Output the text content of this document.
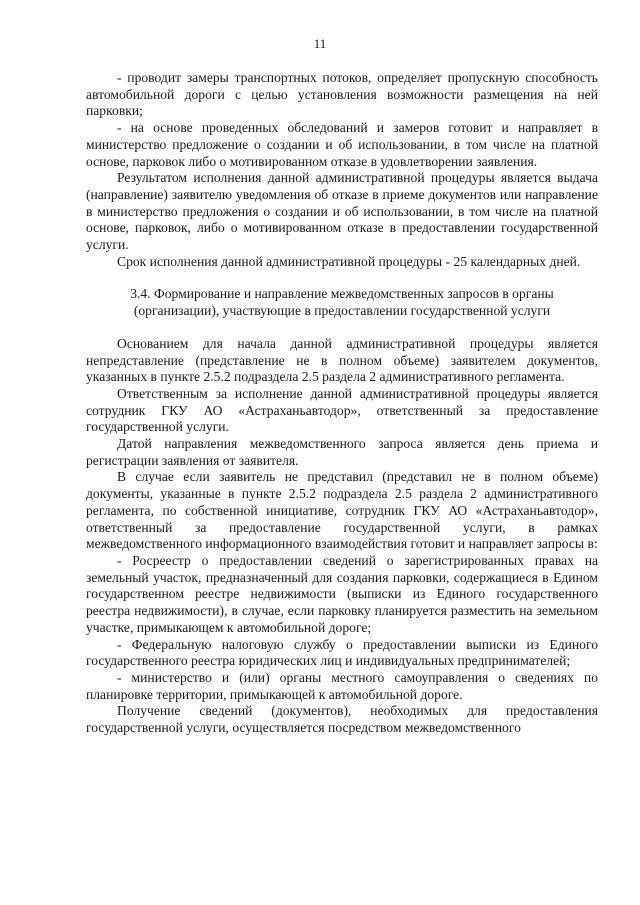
11

- проводит замеры транспортных потоков, определяет пропускную способность автомобильной дороги с целью установления возможности размещения на ней парковки;

- на основе проведенных обследований и замеров готовит и направляет в министерство предложение о создании и об использовании, в том числе на платной основе, парковок либо о мотивированном отказе в удовлетворении заявления.

Результатом исполнения данной административной процедуры является выдача (направление) заявителю уведомления об отказе в приеме документов или направление в министерство предложения о создании и об использовании, в том числе на платной основе, парковок, либо о мотивированном отказе в предоставлении государственной услуги.

Срок исполнения данной административной процедуры - 25 календарных дней.

3.4. Формирование и направление межведомственных запросов в органы (организации), участвующие в предоставлении государственной услуги

Основанием для начала данной административной процедуры является непредставление (представление не в полном объеме) заявителем документов, указанных в пункте 2.5.2 подраздела 2.5 раздела 2 административного регламента.

Ответственным за исполнение данной административной процедуры является сотрудник ГКУ АО «Астраханьавтодор», ответственный за предоставление государственной услуги.

Датой направления межведомственного запроса является день приема и регистрации заявления от заявителя.

В случае если заявитель не представил (представил не в полном объеме) документы, указанные в пункте 2.5.2 подраздела 2.5 раздела 2 административного регламента, по собственной инициативе, сотрудник ГКУ АО «Астраханьавтодор», ответственный за предоставление государственной услуги, в рамках межведомственного информационного взаимодействия готовит и направляет запросы в:

- Росреестр о предоставлении сведений о зарегистрированных правах на земельный участок, предназначенный для создания парковки, содержащиеся в Едином государственном реестре недвижимости (выписки из Единого государственного реестра недвижимости), в случае, если парковку планируется разместить на земельном участке, примыкающем к автомобильной дороге;

- Федеральную налоговую службу о предоставлении выписки из Единого государственного реестра юридических лиц и индивидуальных предпринимателей;

- министерство и (или) органы местного самоуправления о сведениях по планировке территории, примыкающей к автомобильной дороге.

Получение сведений (документов), необходимых для предоставления государственной услуги, осуществляется посредством межведомственного
